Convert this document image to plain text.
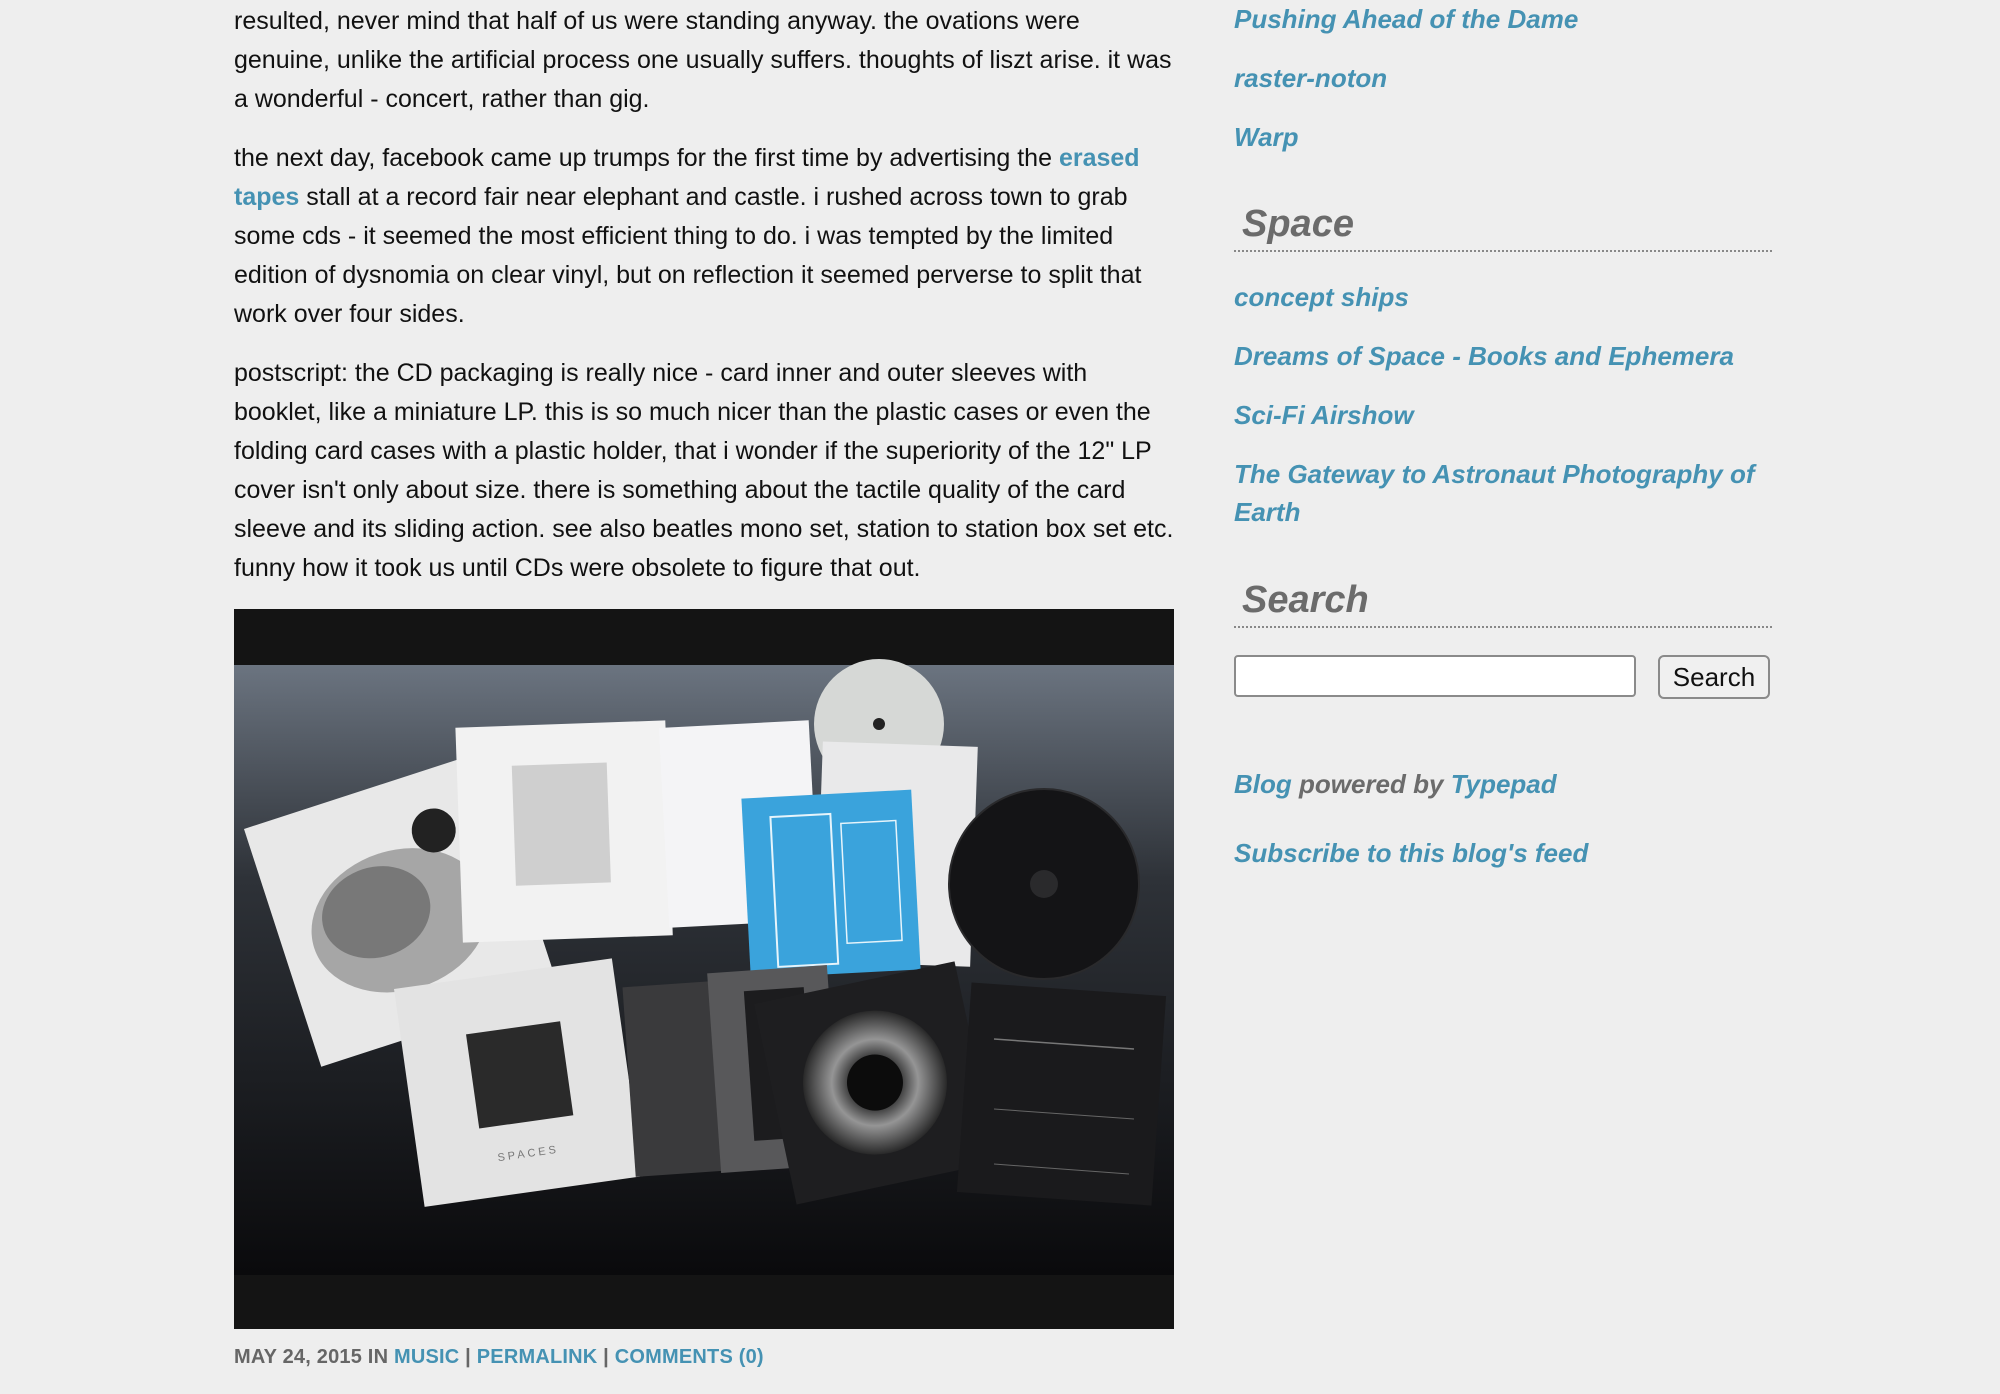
resulted, never mind that half of us were standing anyway. the ovations were genuine, unlike the artificial process one usually suffers. thoughts of liszt arise. it was a wonderful - concert, rather than gig.

the next day, facebook came up trumps for the first time by advertising the erased tapes stall at a record fair near elephant and castle. i rushed across town to grab some cds - it seemed the most efficient thing to do. i was tempted by the limited edition of dysnomia on clear vinyl, but on reflection it seemed perverse to split that work over four sides.

postscript: the CD packaging is really nice - card inner and outer sleeves with booklet, like a miniature LP. this is so much nicer than the plastic cases or even the folding card cases with a plastic holder, that i wonder if the superiority of the 12" LP cover isn't only about size. there is something about the tactile quality of the card sleeve and its sliding action. see also beatles mono set, station to station box set etc. funny how it took us until CDs were obsolete to figure that out.

SPACES
MAY 24, 2015 IN MUSIC | PERMALINK | COMMENTS (0)
Pushing Ahead of the Dame
raster-noton
Warp
Space
concept ships
Dreams of Space - Books and Ephemera
Sci-Fi Airshow
The Gateway to Astronaut Photography of Earth
Search
Search
Blog powered by Typepad
Subscribe to this blog's feed
